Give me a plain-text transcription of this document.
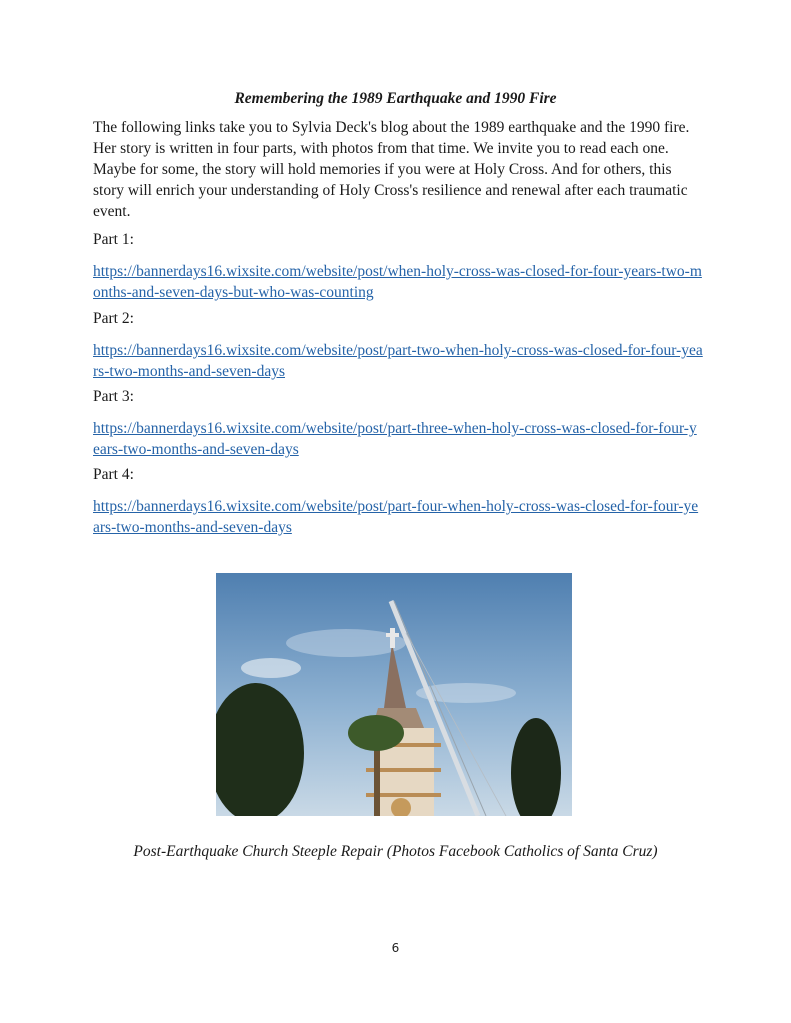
Remembering the 1989 Earthquake and 1990 Fire
The following links take you to Sylvia Deck's blog about the 1989 earthquake and the 1990 fire. Her story is written in four parts, with photos from that time. We invite you to read each one. Maybe for some, the story will hold memories if you were at Holy Cross. And for others, this story will enrich your understanding of Holy Cross's resilience and renewal after each traumatic event.
Part 1:
https://bannerdays16.wixsite.com/website/post/when-holy-cross-was-closed-for-four-years-two-months-and-seven-days-but-who-was-counting
Part 2:
https://bannerdays16.wixsite.com/website/post/part-two-when-holy-cross-was-closed-for-four-years-two-months-and-seven-days
Part 3:
https://bannerdays16.wixsite.com/website/post/part-three-when-holy-cross-was-closed-for-four-years-two-months-and-seven-days
Part 4:
https://bannerdays16.wixsite.com/website/post/part-four-when-holy-cross-was-closed-for-four-years-two-months-and-seven-days
Post-Earthquake Church Steeple Repair (Photos Facebook Catholics of Santa Cruz)
6
